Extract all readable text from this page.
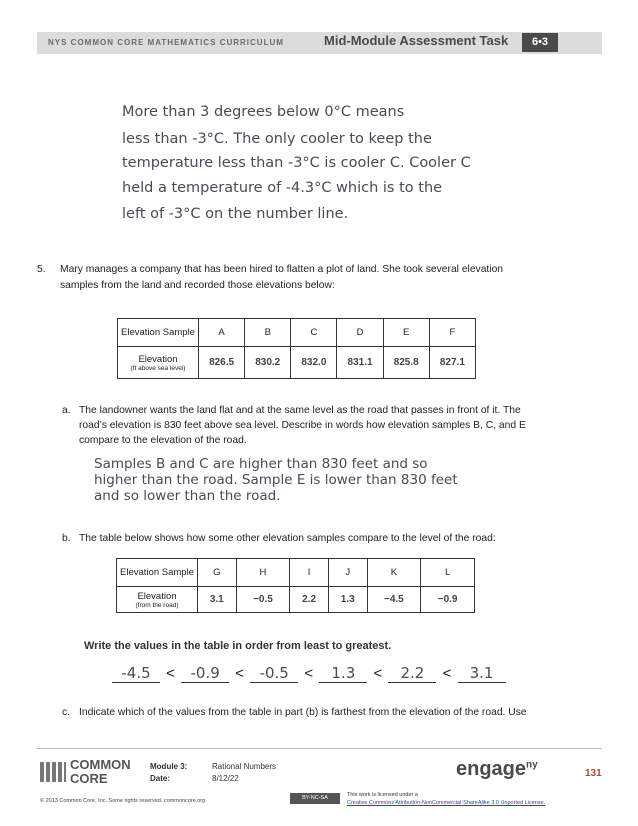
NYS COMMON CORE MATHEMATICS CURRICULUM	Mid-Module Assessment Task	6•3
More than 3 degrees below 0°C means
less than -3°C. The only cooler to keep the
temperature less than -3°C is cooler C. Cooler C
held a temperature of -4.3°C which is to the
left of -3°C on the number line.
5. Mary manages a company that has been hired to flatten a plot of land. She took several elevation
samples from the land and recorded those elevations below:
Elevation Sample	A	B	C	D	E	F

Elevation
(ft above sea level)	826.5	830.2	832.0	831.1	825.8	827.1
a. The landowner wants the land flat and at the same level as the road that passes in front of it. The
road’s elevation is 830 feet above sea level. Describe in words how elevation samples B, C, and E
compare to the elevation of the road.
Samples B and C are higher than 830 feet and so
higher than the road. Sample E is lower than 830 feet
and so lower than the road.
b. The table below shows how some other elevation samples compare to the level of the road:
Elevation Sample	G	H	I	J	K	L

Elevation
(from the road)	3.1	−0.5	2.2	1.3	−4.5	−0.9
Write the values in the table in order from least to greatest.
-4.5 < -0.9 < -0.5 < 1.3 < 2.2 < 3.1
c. Indicate which of the values from the table in part (b) is farthest from the elevation of the road. Use
COMMON
CORE
Module 3:
Date:
Rational Numbers
8/12/22	engage$^{ny}$
131
© 2013 Common Core, Inc. Some rights reserved. commoncore.org	BY-NC-SA	This work is licensed under a
Creative Commons Attribution-NonCommercial-ShareAlike 3.0 Unported License.
